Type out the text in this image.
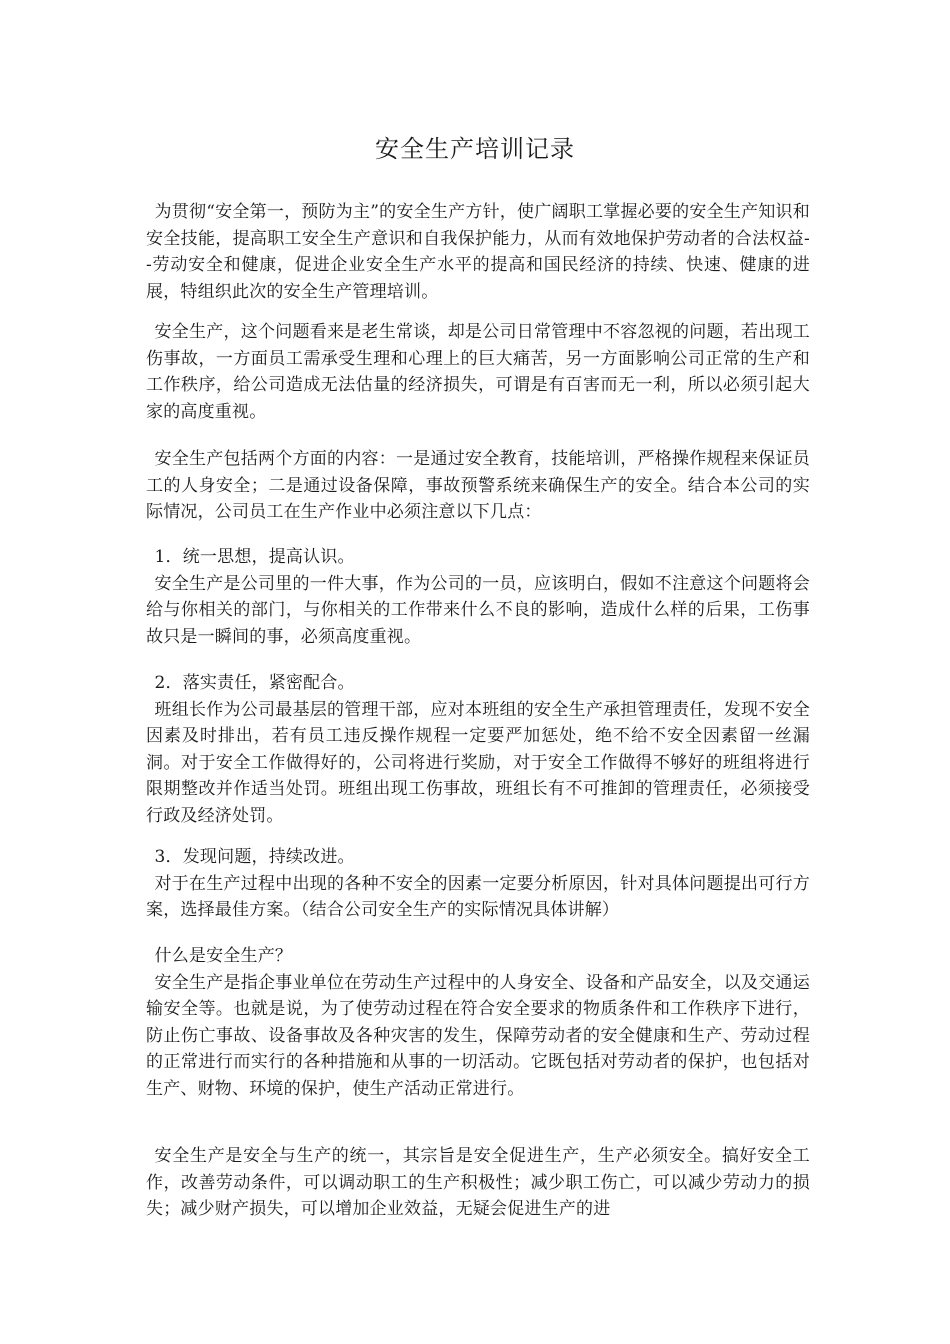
安全生产培训记录

为贯彻“安全第一，预防为主”的安全生产方针，使广阔职工掌握必要的安全生产知识和安全技能，提高职工安全生产意识和自我保护能力，从而有效地保护劳动者的合法权益--劳动安全和健康，促进企业安全生产水平的提高和国民经济的持续、快速、健康的进展，特组织此次的安全生产管理培训。

安全生产，这个问题看来是老生常谈，却是公司日常管理中不容忽视的问题，若出现工伤事故，一方面员工需承受生理和心理上的巨大痛苦，另一方面影响公司正常的生产和工作秩序，给公司造成无法估量的经济损失，可谓是有百害而无一利，所以必须引起大家的高度重视。

安全生产包括两个方面的内容：一是通过安全教育，技能培训，严格操作规程来保证员工的人身安全；二是通过设备保障，事故预警系统来确保生产的安全。结合本公司的实际情况，公司员工在生产作业中必须注意以下几点：

1．统一思想，提高认识。

安全生产是公司里的一件大事，作为公司的一员，应该明白，假如不注意这个问题将会给与你相关的部门，与你相关的工作带来什么不良的影响，造成什么样的后果，工伤事故只是一瞬间的事，必须高度重视。

2．落实责任，紧密配合。

班组长作为公司最基层的管理干部，应对本班组的安全生产承担管理责任，发现不安全因素及时排出，若有员工违反操作规程一定要严加惩处，绝不给不安全因素留一丝漏洞。对于安全工作做得好的，公司将进行奖励，对于安全工作做得不够好的班组将进行限期整改并作适当处罚。班组出现工伤事故，班组长有不可推卸的管理责任，必须接受行政及经济处罚。

3．发现问题，持续改进。

对于在生产过程中出现的各种不安全的因素一定要分析原因，针对具体问题提出可行方案，选择最佳方案。（结合公司安全生产的实际情况具体讲解）

什么是安全生产？

安全生产是指企事业单位在劳动生产过程中的人身安全、设备和产品安全，以及交通运输安全等。也就是说，为了使劳动过程在符合安全要求的物质条件和工作秩序下进行，防止伤亡事故、设备事故及各种灾害的发生，保障劳动者的安全健康和生产、劳动过程的正常进行而实行的各种措施和从事的一切活动。它既包括对劳动者的保护，也包括对生产、财物、环境的保护，使生产活动正常进行。

安全生产是安全与生产的统一，其宗旨是安全促进生产，生产必须安全。搞好安全工作，改善劳动条件，可以调动职工的生产积极性；减少职工伤亡，可以减少劳动力的损失；减少财产损失，可以增加企业效益，无疑会促进生产的进
